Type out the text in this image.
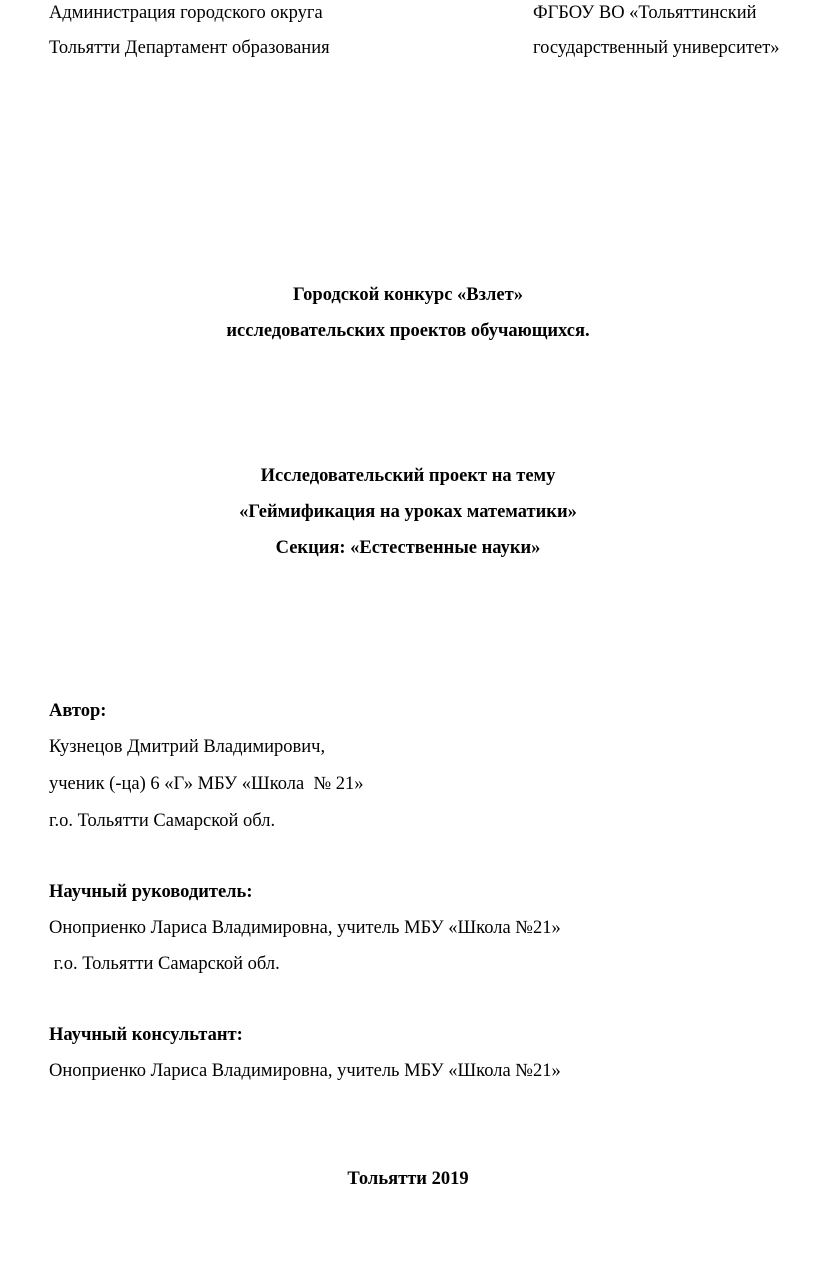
Администрация городского округа
Тольятти Департамент образования
ФГБОУ ВО «Тольяттинский
государственный университет»
Городской конкурс «Взлет»
исследовательских проектов обучающихся.
Исследовательский проект на тему
«Геймификация на уроках математики»
Секция: «Естественные науки»
Автор:
Кузнецов Дмитрий Владимирович,
ученик (-ца) 6 «Г» МБУ «Школа  № 21»
г.о. Тольятти Самарской обл.
Научный руководитель:
Оноприенко Лариса Владимировна, учитель МБУ «Школа №21»
г.о. Тольятти Самарской обл.
Научный консультант:
Оноприенко Лариса Владимировна, учитель МБУ «Школа №21»
Тольятти 2019
